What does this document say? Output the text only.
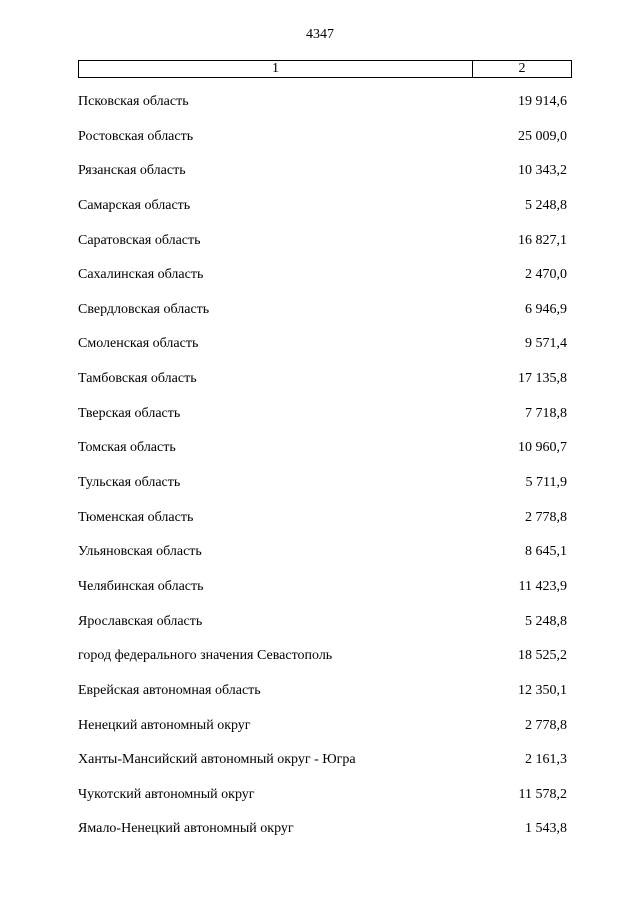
4347
1	2
Псковская область	19 914,6
Ростовская область	25 009,0
Рязанская область	10 343,2
Самарская область	5 248,8
Саратовская область	16 827,1
Сахалинская область	2 470,0
Свердловская область	6 946,9
Смоленская область	9 571,4
Тамбовская область	17 135,8
Тверская область	7 718,8
Томская область	10 960,7
Тульская область	5 711,9
Тюменская область	2 778,8
Ульяновская область	8 645,1
Челябинская область	11 423,9
Ярославская область	5 248,8
город федерального значения Севастополь	18 525,2
Еврейская автономная область	12 350,1
Ненецкий автономный округ	2 778,8
Ханты-Мансийский автономный округ - Югра	2 161,3
Чукотский автономный округ	11 578,2
Ямало-Ненецкий автономный округ	1 543,8
